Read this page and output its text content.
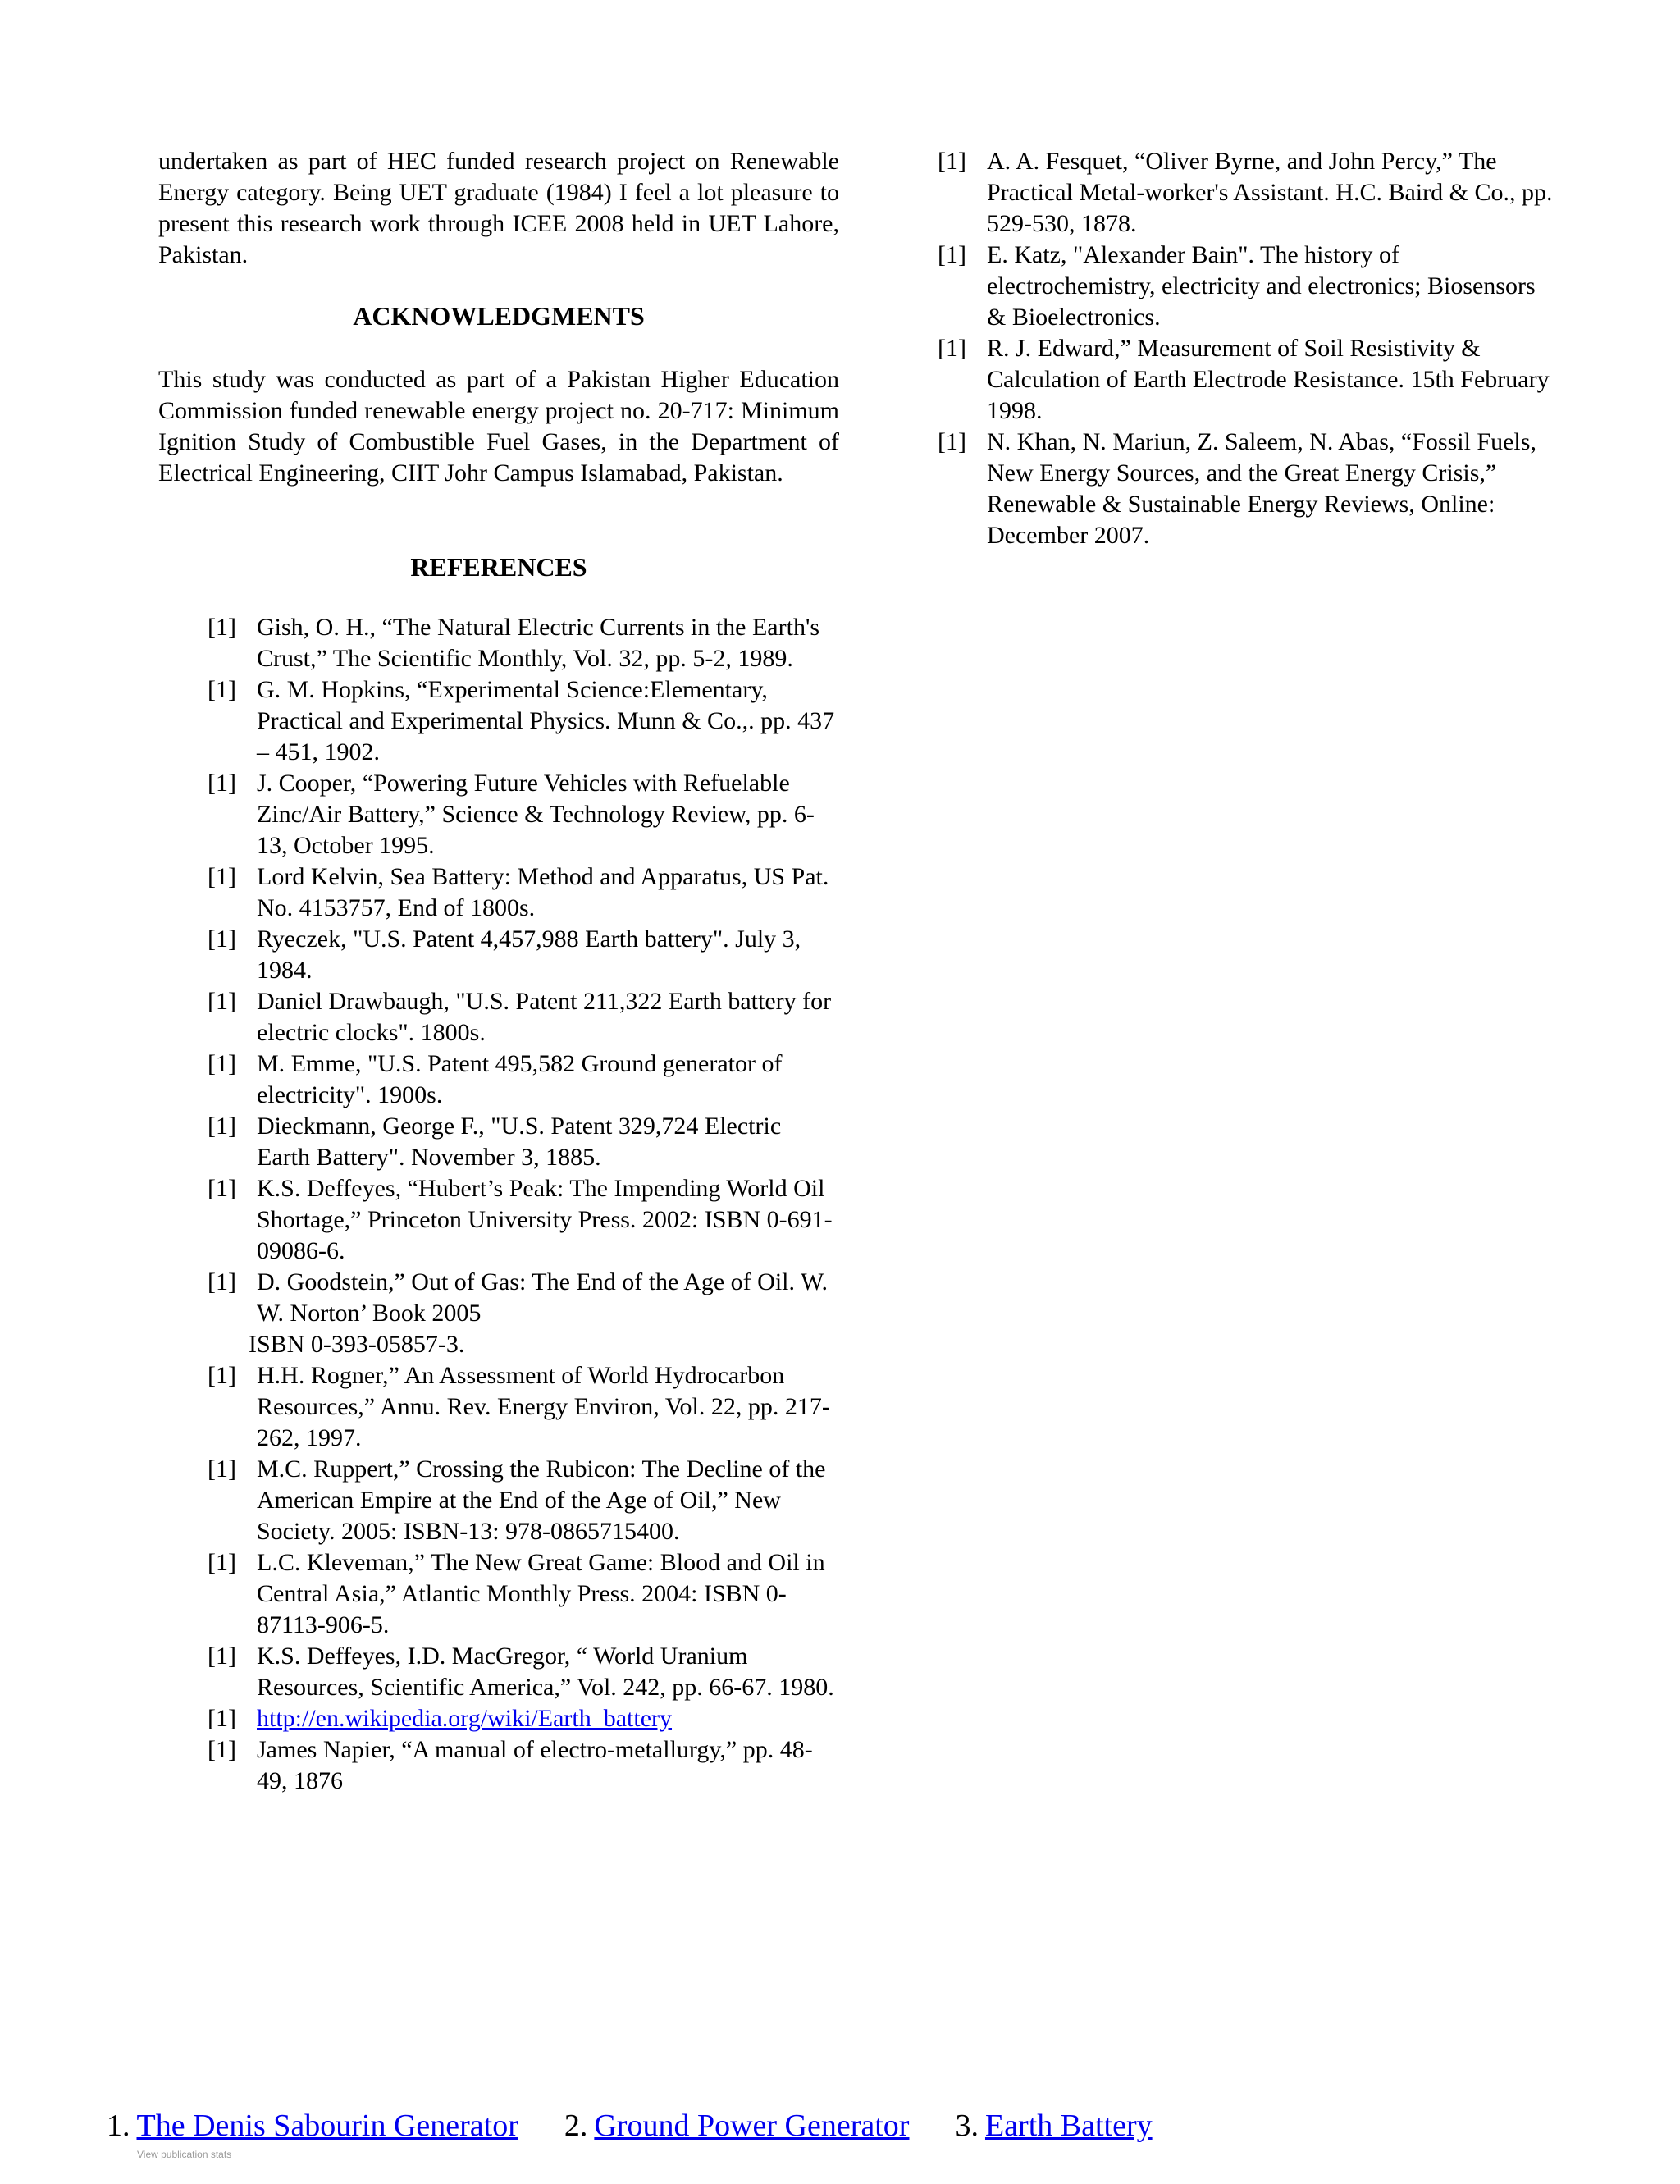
undertaken as part of HEC funded research project on Renewable Energy category. Being UET graduate (1984) I feel a lot pleasure to present this research work through ICEE 2008 held in UET Lahore, Pakistan.

ACKNOWLEDGMENTS

This study was conducted as part of a Pakistan Higher Education Commission funded renewable energy project no. 20-717: Minimum Ignition Study of Combustible Fuel Gases, in the Department of Electrical Engineering, CIIT Johr Campus Islamabad, Pakistan.

REFERENCES
[1] Gish, O. H., “The Natural Electric Currents in the Earth's Crust,” The Scientific Monthly, Vol. 32, pp. 5-2, 1989.
[1] G. M. Hopkins, “Experimental Science:Elementary, Practical and Experimental Physics. Munn & Co.,. pp. 437 – 451, 1902.
[1] J. Cooper, “Powering Future Vehicles with Refuelable Zinc/Air Battery,” Science & Technology Review, pp. 6-13, October 1995.
[1] Lord Kelvin, Sea Battery: Method and Apparatus, US Pat. No. 4153757, End of 1800s.
[1] Ryeczek, "U.S. Patent 4,457,988 Earth battery". July 3, 1984.
[1] Daniel Drawbaugh, "U.S. Patent 211,322 Earth battery for electric clocks". 1800s.
[1] M. Emme, "U.S. Patent 495,582 Ground generator of electricity". 1900s.
[1] Dieckmann, George F., "U.S. Patent 329,724 Electric Earth Battery". November 3, 1885.
[1] K.S. Deffeyes, “Hubert’s Peak: The Impending World Oil Shortage,” Princeton University Press. 2002: ISBN 0-691-09086-6.
[1] D. Goodstein,” Out of Gas: The End of the Age of Oil. W. W. Norton’ Book 2005
ISBN 0-393-05857-3.
[1] H.H. Rogner,” An Assessment of World Hydrocarbon Resources,” Annu. Rev. Energy Environ, Vol. 22, pp. 217-262, 1997.
[1] M.C. Ruppert,” Crossing the Rubicon: The Decline of the American Empire at the End of the Age of Oil,” New Society. 2005: ISBN-13: 978-0865715400.
[1] L.C. Kleveman,” The New Great Game: Blood and Oil in Central Asia,” Atlantic Monthly Press. 2004: ISBN 0-87113-906-5.
[1] K.S. Deffeyes, I.D. MacGregor, “ World Uranium Resources, Scientific America,” Vol. 242, pp. 66-67. 1980.
[1] http://en.wikipedia.org/wiki/Earth_battery
[1] James Napier, “A manual of electro-metallurgy,” pp. 48-49, 1876
[1] A. A. Fesquet, “Oliver Byrne, and John Percy,” The Practical Metal-worker's Assistant. H.C. Baird & Co., pp. 529-530, 1878.
[1] E. Katz, "Alexander Bain". The history of electrochemistry, electricity and electronics; Biosensors & Bioelectronics.
[1] R. J. Edward,” Measurement of Soil Resistivity & Calculation of Earth Electrode Resistance. 15th February 1998.
[1] N. Khan, N. Mariun, Z. Saleem, N. Abas, “Fossil Fuels, New Energy Sources, and the Great Energy Crisis,” Renewable & Sustainable Energy Reviews, Online: December 2007.
1. The Denis Sabourin Generator 2. Ground Power Generator 3. Earth Battery
View publication stats
